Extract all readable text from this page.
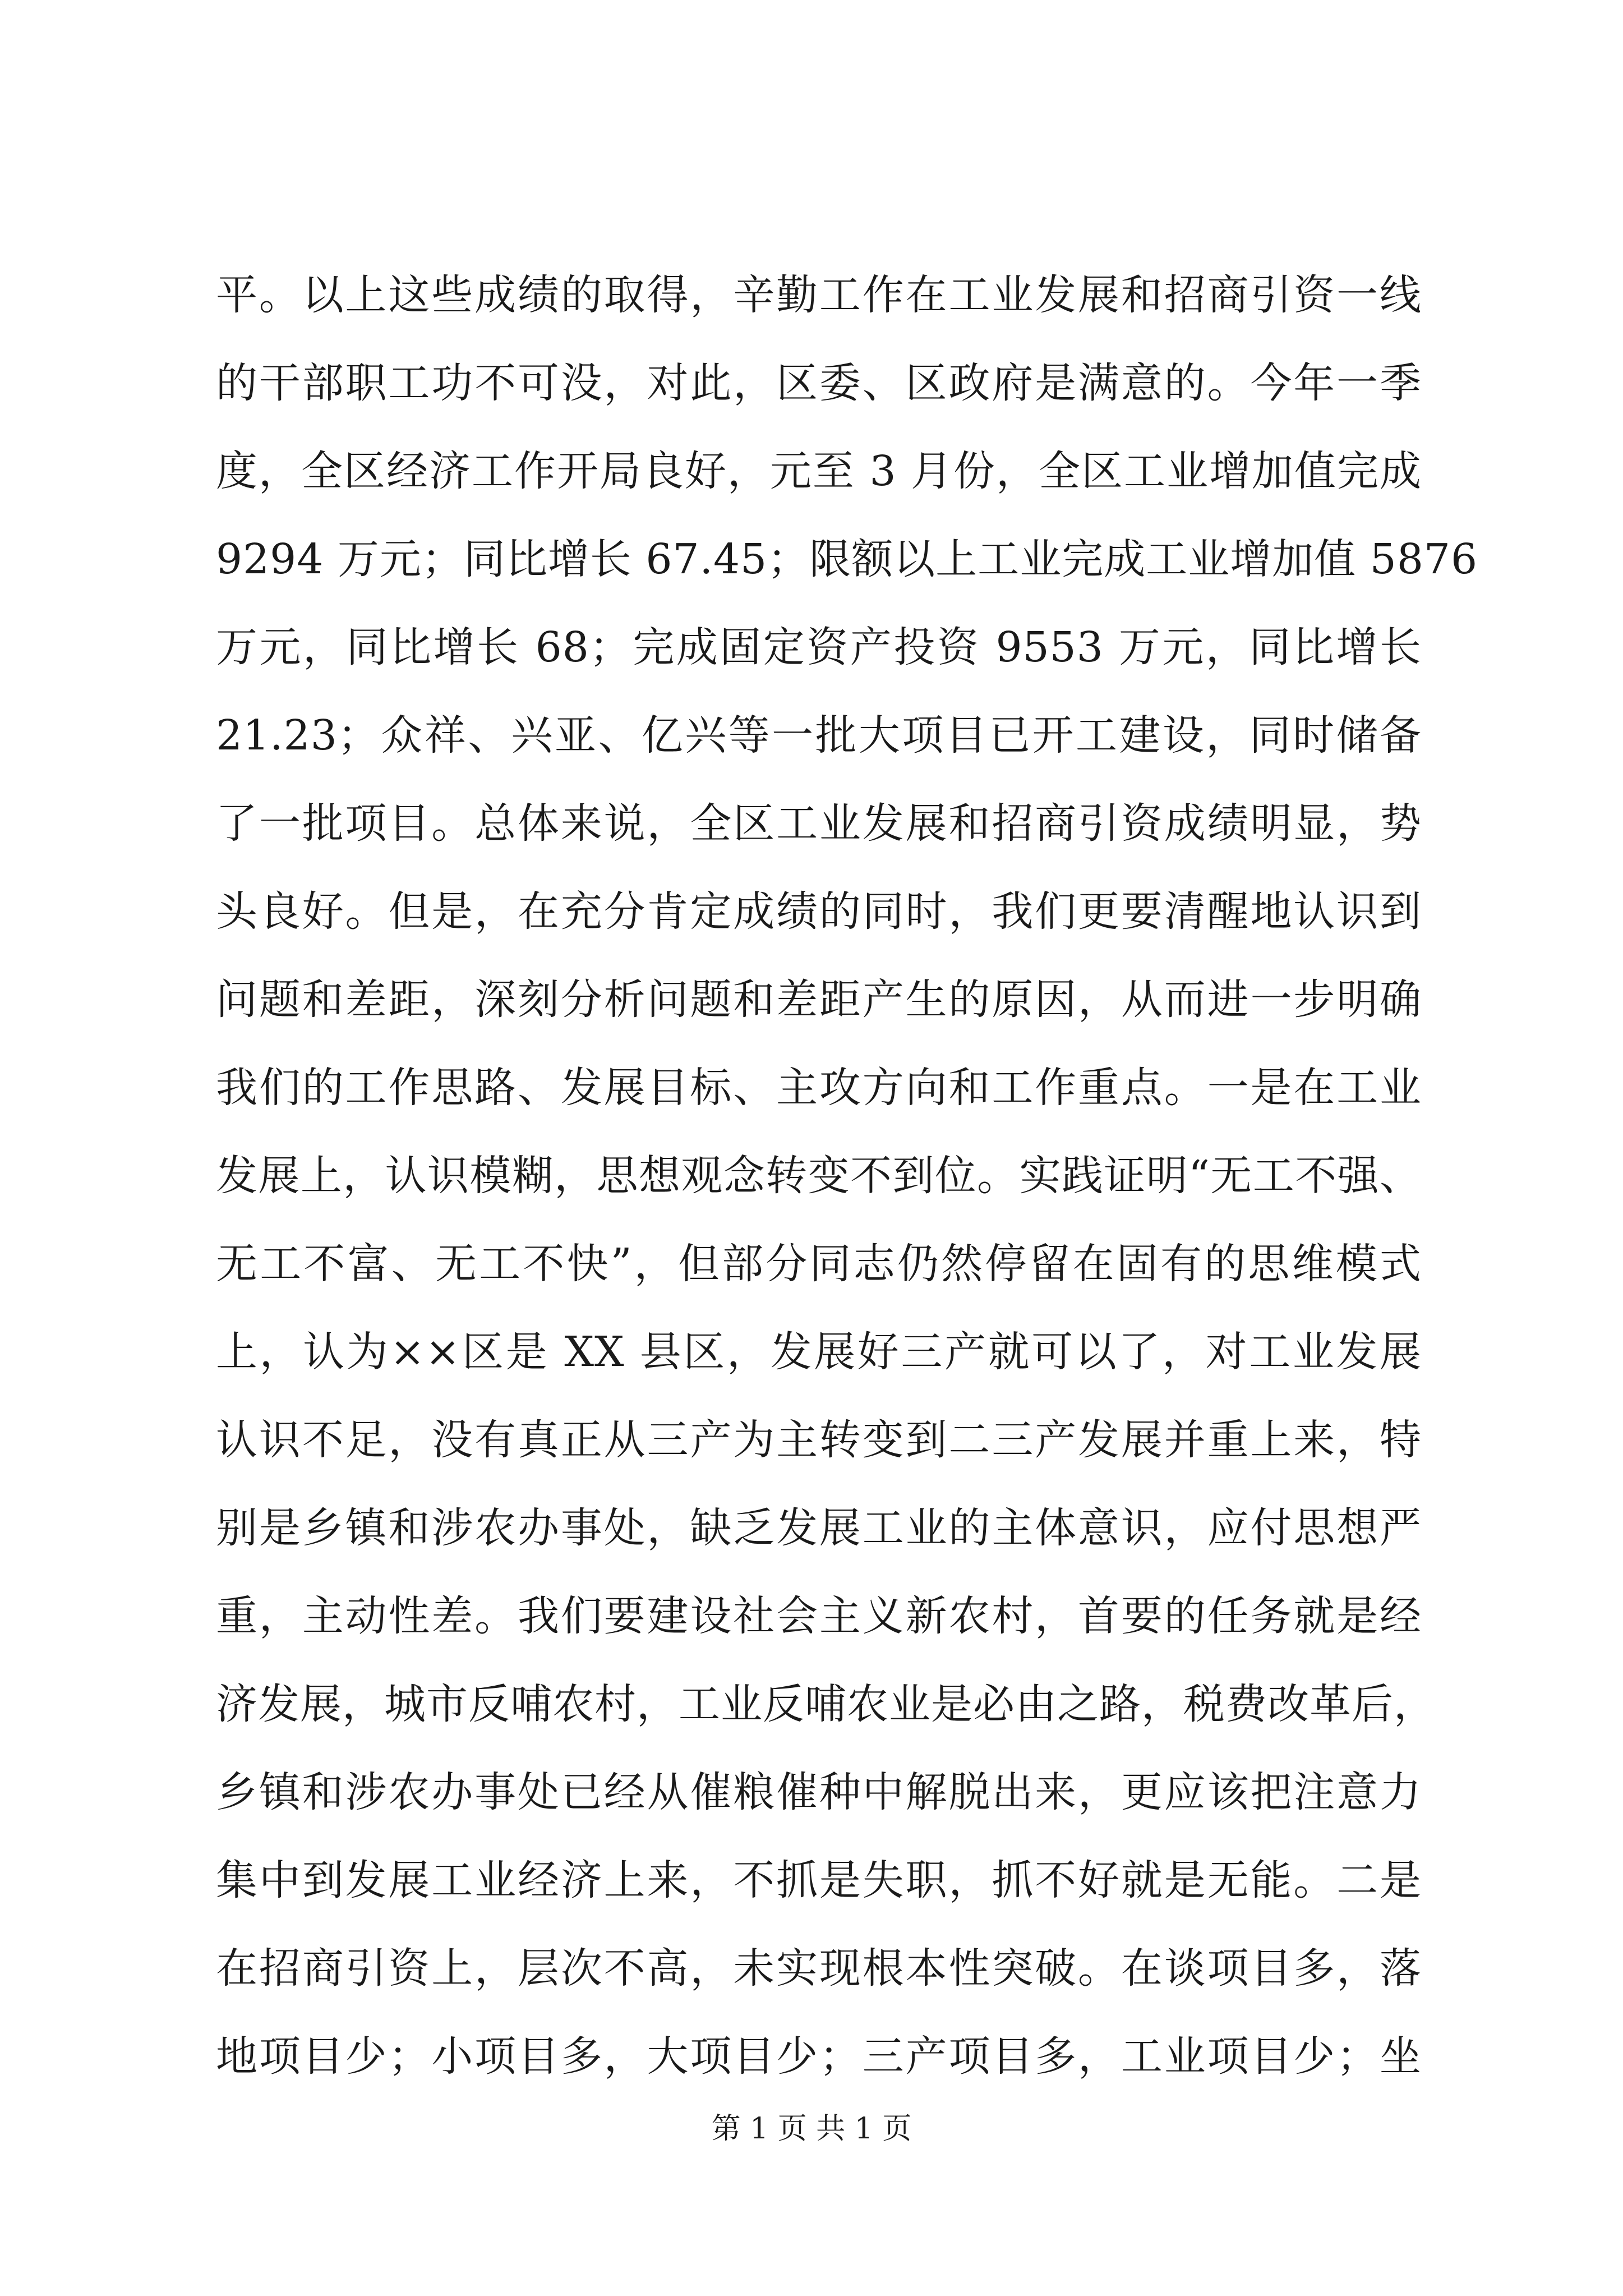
平。以上这些成绩的取得，辛勤工作在工业发展和招商引资一线
的干部职工功不可没，对此，区委、区政府是满意的。今年一季
度，全区经济工作开局良好，元至 3 月份，全区工业增加值完成
9294 万元；同比增长 67.45；限额以上工业完成工业增加值 5876
万元，同比增长 68；完成固定资产投资 9553 万元，同比增长
21.23；众祥、兴亚、亿兴等一批大项目已开工建设，同时储备
了一批项目。总体来说，全区工业发展和招商引资成绩明显，势
头良好。但是，在充分肯定成绩的同时，我们更要清醒地认识到
问题和差距，深刻分析问题和差距产生的原因，从而进一步明确
我们的工作思路、发展目标、主攻方向和工作重点。一是在工业
发展上，认识模糊，思想观念转变不到位。实践证明“无工不强、
无工不富、无工不快”，但部分同志仍然停留在固有的思维模式
上，认为××区是 XX 县区，发展好三产就可以了，对工业发展
认识不足，没有真正从三产为主转变到二三产发展并重上来，特
别是乡镇和涉农办事处，缺乏发展工业的主体意识，应付思想严
重，主动性差。我们要建设社会主义新农村，首要的任务就是经
济发展，城市反哺农村，工业反哺农业是必由之路，税费改革后，
乡镇和涉农办事处已经从催粮催种中解脱出来，更应该把注意力
集中到发展工业经济上来，不抓是失职，抓不好就是无能。二是
在招商引资上，层次不高，未实现根本性突破。在谈项目多，落
地项目少；小项目多，大项目少；三产项目多，工业项目少；坐
第 1 页 共 1 页
